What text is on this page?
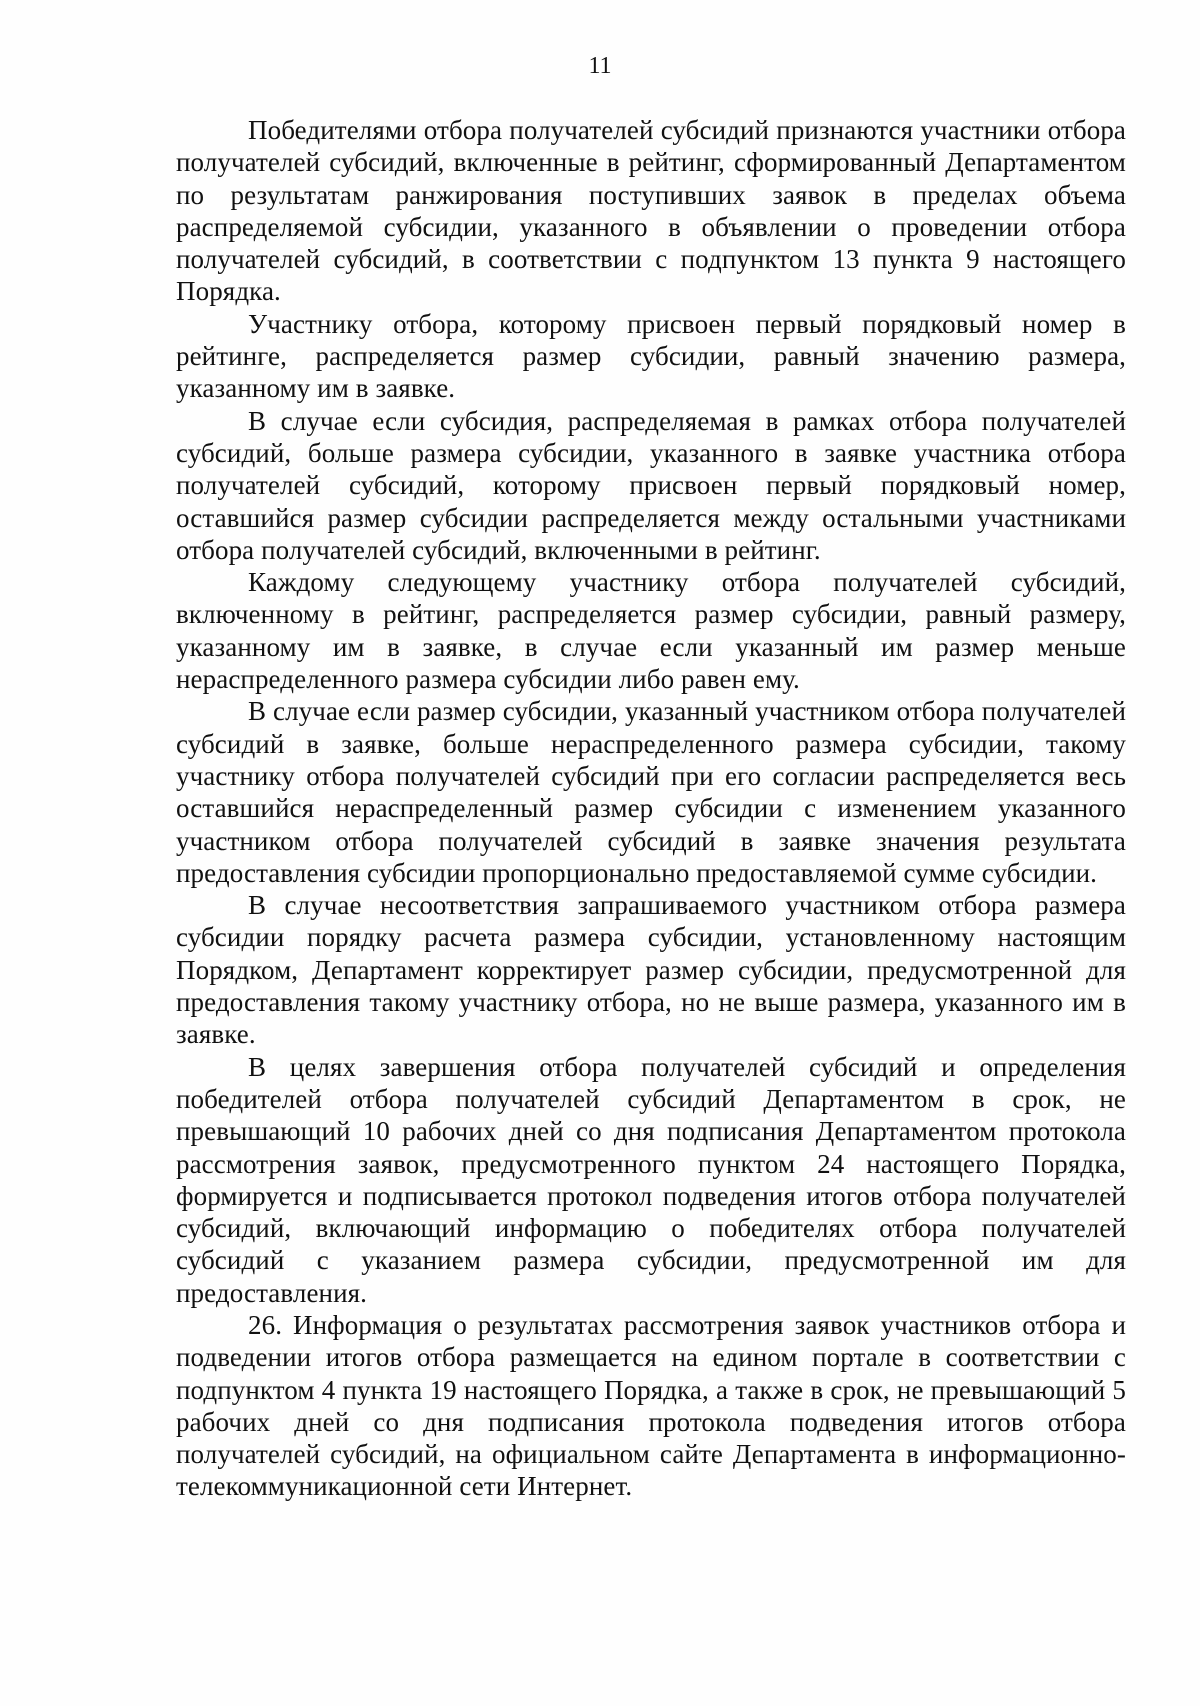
11

Победителями отбора получателей субсидий признаются участники отбора получателей субсидий, включенные в рейтинг, сформированный Департаментом по результатам ранжирования поступивших заявок в пределах объема распределяемой субсидии, указанного в объявлении о проведении отбора получателей субсидий, в соответствии с подпунктом 13 пункта 9 настоящего Порядка.

Участнику отбора, которому присвоен первый порядковый номер в рейтинге, распределяется размер субсидии, равный значению размера, указанному им в заявке.

В случае если субсидия, распределяемая в рамках отбора получателей субсидий, больше размера субсидии, указанного в заявке участника отбора получателей субсидий, которому присвоен первый порядковый номер, оставшийся размер субсидии распределяется между остальными участниками отбора получателей субсидий, включенными в рейтинг.

Каждому следующему участнику отбора получателей субсидий, включенному в рейтинг, распределяется размер субсидии, равный размеру, указанному им в заявке, в случае если указанный им размер меньше нераспределенного размера субсидии либо равен ему.

В случае если размер субсидии, указанный участником отбора получателей субсидий в заявке, больше нераспределенного размера субсидии, такому участнику отбора получателей субсидий при его согласии распределяется весь оставшийся нераспределенный размер субсидии с изменением указанного участником отбора получателей субсидий в заявке значения результата предоставления субсидии пропорционально предоставляемой сумме субсидии.

В случае несоответствия запрашиваемого участником отбора размера субсидии порядку расчета размера субсидии, установленному настоящим Порядком, Департамент корректирует размер субсидии, предусмотренной для предоставления такому участнику отбора, но не выше размера, указанного им в заявке.

В целях завершения отбора получателей субсидий и определения победителей отбора получателей субсидий Департаментом в срок, не превышающий 10 рабочих дней со дня подписания Департаментом протокола рассмотрения заявок, предусмотренного пунктом 24 настоящего Порядка, формируется и подписывается протокол подведения итогов отбора получателей субсидий, включающий информацию о победителях отбора получателей субсидий с указанием размера субсидии, предусмотренной им для предоставления.

26. Информация о результатах рассмотрения заявок участников отбора и подведении итогов отбора размещается на едином портале в соответствии с подпунктом 4 пункта 19 настоящего Порядка, а также в срок, не превышающий 5 рабочих дней со дня подписания протокола подведения итогов отбора получателей субсидий, на официальном сайте Департамента в информационно-телекоммуникационной сети Интернет.
